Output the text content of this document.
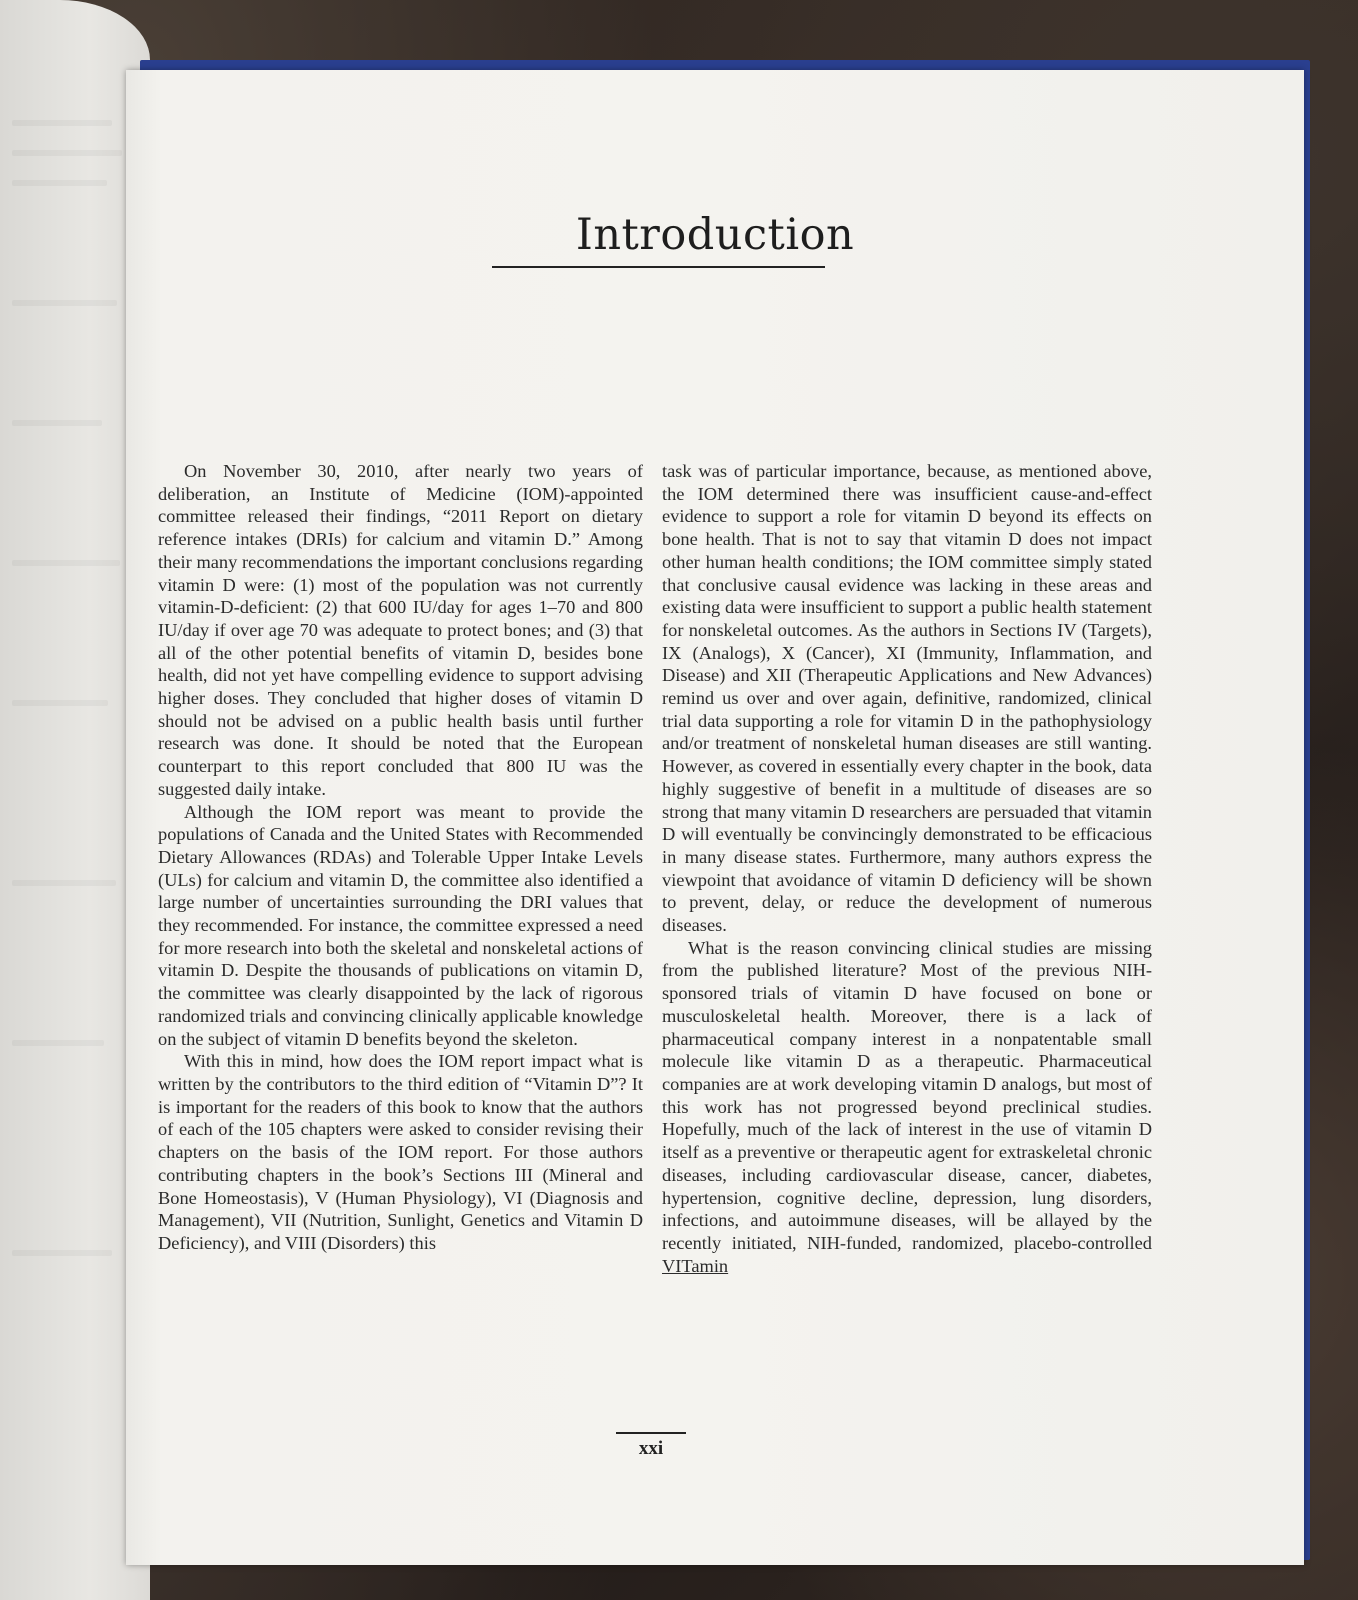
Introduction

On November 30, 2010, after nearly two years of deliberation, an Institute of Medicine (IOM)-appointed committee released their findings, “2011 Report on dietary reference intakes (DRIs) for calcium and vitamin D.” Among their many recommendations the important conclusions regarding vitamin D were: (1) most of the population was not currently vitamin-D-deficient: (2) that 600 IU/day for ages 1–70 and 800 IU/day if over age 70 was adequate to protect bones; and (3) that all of the other potential benefits of vitamin D, besides bone health, did not yet have compelling evidence to support advising higher doses. They concluded that higher doses of vitamin D should not be advised on a public health basis until further research was done. It should be noted that the European counterpart to this report concluded that 800 IU was the suggested daily intake.

Although the IOM report was meant to provide the populations of Canada and the United States with Recommended Dietary Allowances (RDAs) and Tolerable Upper Intake Levels (ULs) for calcium and vitamin D, the committee also identified a large number of uncertainties surrounding the DRI values that they recommended. For instance, the committee expressed a need for more research into both the skeletal and nonskeletal actions of vitamin D. Despite the thousands of publications on vitamin D, the committee was clearly disappointed by the lack of rigorous randomized trials and convincing clinically applicable knowledge on the subject of vitamin D benefits beyond the skeleton.

With this in mind, how does the IOM report impact what is written by the contributors to the third edition of “Vitamin D”? It is important for the readers of this book to know that the authors of each of the 105 chapters were asked to consider revising their chapters on the basis of the IOM report. For those authors contributing chapters in the book’s Sections III (Mineral and Bone Homeostasis), V (Human Physiology), VI (Diagnosis and Management), VII (Nutrition, Sunlight, Genetics and Vitamin D Deficiency), and VIII (Disorders) this

task was of particular importance, because, as mentioned above, the IOM determined there was insufficient cause-and-effect evidence to support a role for vitamin D beyond its effects on bone health. That is not to say that vitamin D does not impact other human health conditions; the IOM committee simply stated that conclusive causal evidence was lacking in these areas and existing data were insufficient to support a public health statement for nonskeletal outcomes. As the authors in Sections IV (Targets), IX (Analogs), X (Cancer), XI (Immunity, Inflammation, and Disease) and XII (Therapeutic Applications and New Advances) remind us over and over again, definitive, randomized, clinical trial data supporting a role for vitamin D in the pathophysiology and/or treatment of nonskeletal human diseases are still wanting. However, as covered in essentially every chapter in the book, data highly suggestive of benefit in a multitude of diseases are so strong that many vitamin D researchers are persuaded that vitamin D will eventually be convincingly demonstrated to be efficacious in many disease states. Furthermore, many authors express the viewpoint that avoidance of vitamin D deficiency will be shown to prevent, delay, or reduce the development of numerous diseases.

What is the reason convincing clinical studies are missing from the published literature? Most of the previous NIH-sponsored trials of vitamin D have focused on bone or musculoskeletal health. Moreover, there is a lack of pharmaceutical company interest in a nonpatentable small molecule like vitamin D as a therapeutic. Pharmaceutical companies are at work developing vitamin D analogs, but most of this work has not progressed beyond preclinical studies. Hopefully, much of the lack of interest in the use of vitamin D itself as a preventive or therapeutic agent for extraskeletal chronic diseases, including cardiovascular disease, cancer, diabetes, hypertension, cognitive decline, depression, lung disorders, infections, and autoimmune diseases, will be allayed by the recently initiated, NIH-funded, randomized, placebo-controlled VITamin

xxi
